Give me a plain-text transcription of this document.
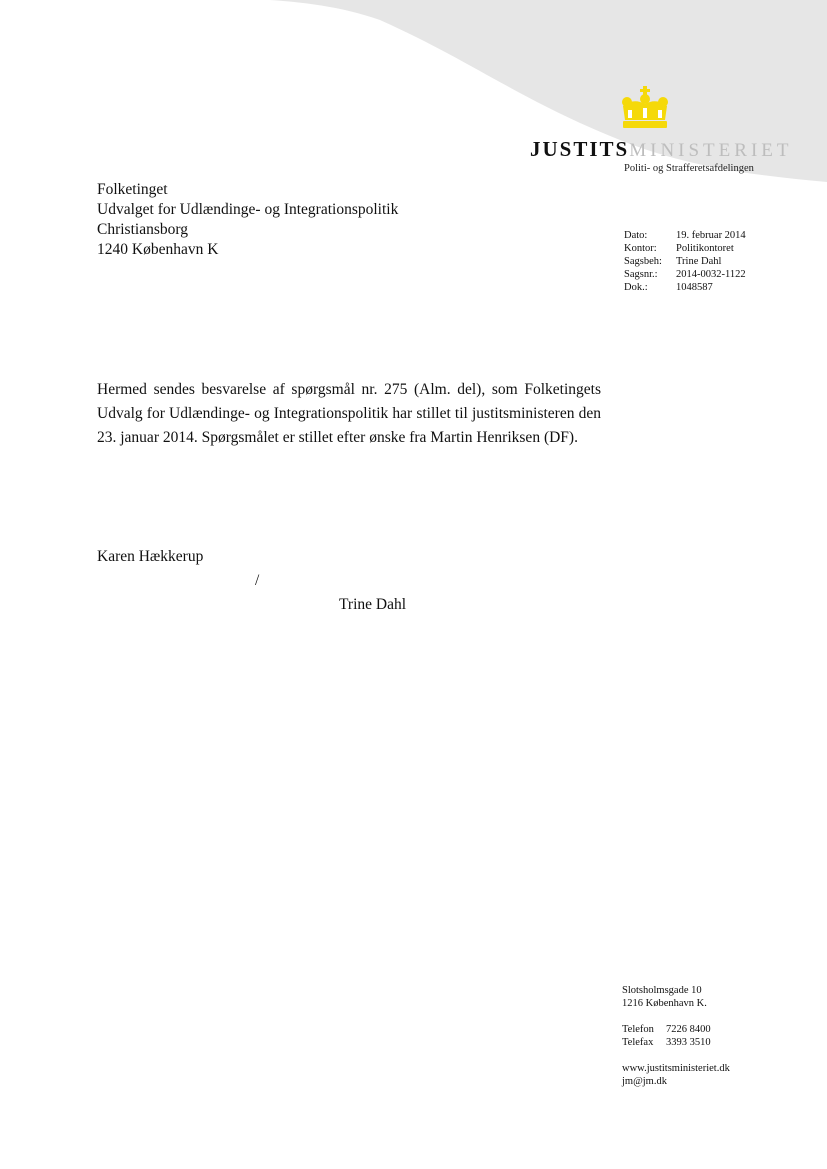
JUSTITSMINISTERIET
Politi- og Strafferetsafdelingen
Folketinget
Udvalget for Udlændinge- og Integrationspolitik
Christiansborg
1240 København K
Dato:	19. februar 2014
Kontor:	Politikontoret
Sagsbeh:	Trine Dahl
Sagsnr.:	2014-0032-1122
Dok.:	1048587
Hermed sendes besvarelse af spørgsmål nr. 275 (Alm. del), som Folketingets Udvalg for Udlændinge- og Integrationspolitik har stillet til justitsministeren den 23. januar 2014. Spørgsmålet er stillet efter ønske fra Martin Henriksen (DF).
Karen Hækkerup
/
Trine Dahl
Slotsholmsgade 10
1216 København K.
Telefon	7226 8400
Telefax	3393 3510
www.justitsministeriet.dk
jm@jm.dk
